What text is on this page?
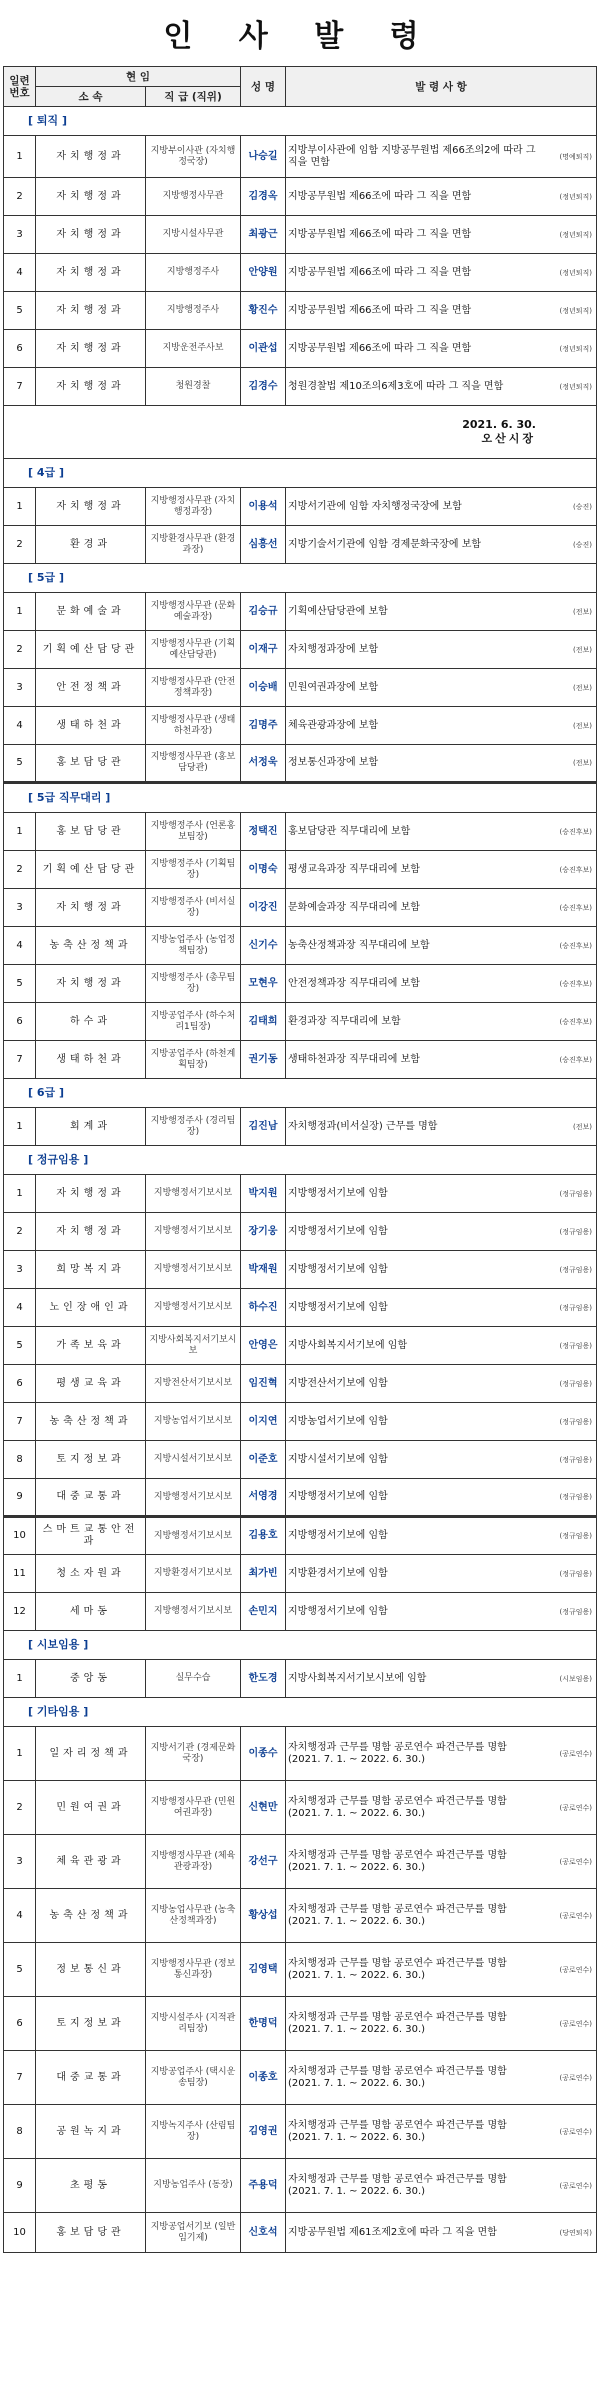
인 사 발 령
일련번호	현 임		성 명	발 령 사 항
	소 속	직 급 (직위)		
[ 퇴직 ]				
1	자치행정과	지방부이사관 (자치행정국장)	나승길	지방부이사관에 임함 지방공무원법 제66조의2에 따라 그 직을 면함 (명예퇴직)

2	자치행정과	지방행정사무관	김경옥	지방공무원법 제66조에 따라 그 직을 면함 (정년퇴직)

3	자치행정과	지방시설사무관	최광근	지방공무원법 제66조에 따라 그 직을 면함 (정년퇴직)

4	자치행정과	지방행정주사	안양원	지방공무원법 제66조에 따라 그 직을 면함 (정년퇴직)

5	자치행정과	지방행정주사	황진수	지방공무원법 제66조에 따라 그 직을 면함 (정년퇴직)

6	자치행정과	지방운전주사보	이관섭	지방공무원법 제66조에 따라 그 직을 면함 (정년퇴직)

7	자치행정과	청원경찰	김경수	청원경찰법 제10조의6제3호에 따라 그 직을 면함 (정년퇴직)

2021. 6. 30.
오산시장				

[ 4급 ]				
1	자치행정과	지방행정사무관 (자치행정과장)	이용석	지방서기관에 임함 자치행정국장에 보함 (승진)

2	환경과	지방환경사무관 (환경과장)	심흥선	지방기술서기관에 임함 경제문화국장에 보함 (승진)

[ 5급 ]				
1	문화예술과	지방행정사무관 (문화예술과장)	김승규	기획예산담당관에 보함 (전보)

2	기획예산담당관	지방행정사무관 (기획예산담당관)	이재구	자치행정과장에 보함 (전보)

3	안전정책과	지방행정사무관 (안전정책과장)	이승배	민원여권과장에 보함 (전보)

4	생태하천과	지방행정사무관 (생태하천과장)	김명주	체육관광과장에 보함 (전보)

5	홍보담당관	지방행정사무관 (홍보담당관)	서정욱	정보통신과장에 보함 (전보)

[ 5급 직무대리 ]				
1	홍보담당관	지방행정주사 (언론홍보팀장)	정택진	홍보담당관 직무대리에 보함 (승진후보)

2	기획예산담당관	지방행정주사 (기획팀장)	이명숙	평생교육과장 직무대리에 보함 (승진후보)

3	자치행정과	지방행정주사 (비서실장)	이강진	문화예술과장 직무대리에 보함 (승진후보)

4	농축산정책과	지방농업주사 (농업정책팀장)	신기수	농축산정책과장 직무대리에 보함 (승진후보)

5	자치행정과	지방행정주사 (총무팀장)	모현우	안전정책과장 직무대리에 보함 (승진후보)

6	하수과	지방공업주사 (하수처리1팀장)	김태희	환경과장 직무대리에 보함 (승진후보)

7	생태하천과	지방공업주사 (하천계획팀장)	권기동	생태하천과장 직무대리에 보함 (승진후보)

[ 6급 ]				
1	회계과	지방행정주사 (경리팀장)	김진남	자치행정과(비서실장) 근무를 명함 (전보)

[ 정규임용 ]				
1	자치행정과	지방행정서기보시보	박지원	지방행정서기보에 임함 (정규임용)

2	자치행정과	지방행정서기보시보	장기웅	지방행정서기보에 임함 (정규임용)

3	희망복지과	지방행정서기보시보	박재원	지방행정서기보에 임함 (정규임용)

4	노인장애인과	지방행정서기보시보	하수진	지방행정서기보에 임함 (정규임용)

5	가족보육과	지방사회복지서기보시보	안영은	지방사회복지서기보에 임함 (정규임용)

6	평생교육과	지방전산서기보시보	임진혁	지방전산서기보에 임함 (정규임용)

7	농축산정책과	지방농업서기보시보	이지연	지방농업서기보에 임함 (정규임용)

8	토지정보과	지방시설서기보시보	이준호	지방시설서기보에 임함 (정규임용)

9	대중교통과	지방행정서기보시보	서영경	지방행정서기보에 임함 (정규임용)

10	스마트교통안전과	지방행정서기보시보	김용호	지방행정서기보에 임함 (정규임용)

11	청소자원과	지방환경서기보시보	최가빈	지방환경서기보에 임함 (정규임용)

12	세마동	지방행정서기보시보	손민지	지방행정서기보에 임함 (정규임용)

[ 시보임용 ]				
1	중앙동	실무수습	한도경	지방사회복지서기보시보에 임함 (시보임용)

[ 기타임용 ]				
1	일자리정책과	지방서기관 (경제문화국장)	이종수	자치행정과 근무를 명함 공로연수 파견근무를 명함 (2021. 7. 1. ~ 2022. 6. 30.) (공로연수)

2	민원여권과	지방행정사무관 (민원여권과장)	신현만	자치행정과 근무를 명함 공로연수 파견근무를 명함 (2021. 7. 1. ~ 2022. 6. 30.) (공로연수)

3	체육관광과	지방행정사무관 (체육관광과장)	강선구	자치행정과 근무를 명함 공로연수 파견근무를 명함 (2021. 7. 1. ~ 2022. 6. 30.) (공로연수)

4	농축산정책과	지방농업사무관 (농축산정책과장)	황상섭	자치행정과 근무를 명함 공로연수 파견근무를 명함 (2021. 7. 1. ~ 2022. 6. 30.) (공로연수)

5	정보통신과	지방행정사무관 (정보통신과장)	김영택	자치행정과 근무를 명함 공로연수 파견근무를 명함 (2021. 7. 1. ~ 2022. 6. 30.) (공로연수)

6	토지정보과	지방시설주사 (지적관리팀장)	한명덕	자치행정과 근무를 명함 공로연수 파견근무를 명함 (2021. 7. 1. ~ 2022. 6. 30.) (공로연수)

7	대중교통과	지방공업주사 (택시운송팀장)	이종호	자치행정과 근무를 명함 공로연수 파견근무를 명함 (2021. 7. 1. ~ 2022. 6. 30.) (공로연수)

8	공원녹지과	지방녹지주사 (산림팀장)	김영권	자치행정과 근무를 명함 공로연수 파견근무를 명함 (2021. 7. 1. ~ 2022. 6. 30.) (공로연수)

9	초평동	지방농업주사 (동장)	주용덕	자치행정과 근무를 명함 공로연수 파견근무를 명함 (2021. 7. 1. ~ 2022. 6. 30.) (공로연수)

10	홍보담당관	지방공업서기보 (일반임기제)	신호석	지방공무원법 제61조제2호에 따라 그 직을 면함 (당연퇴직)
